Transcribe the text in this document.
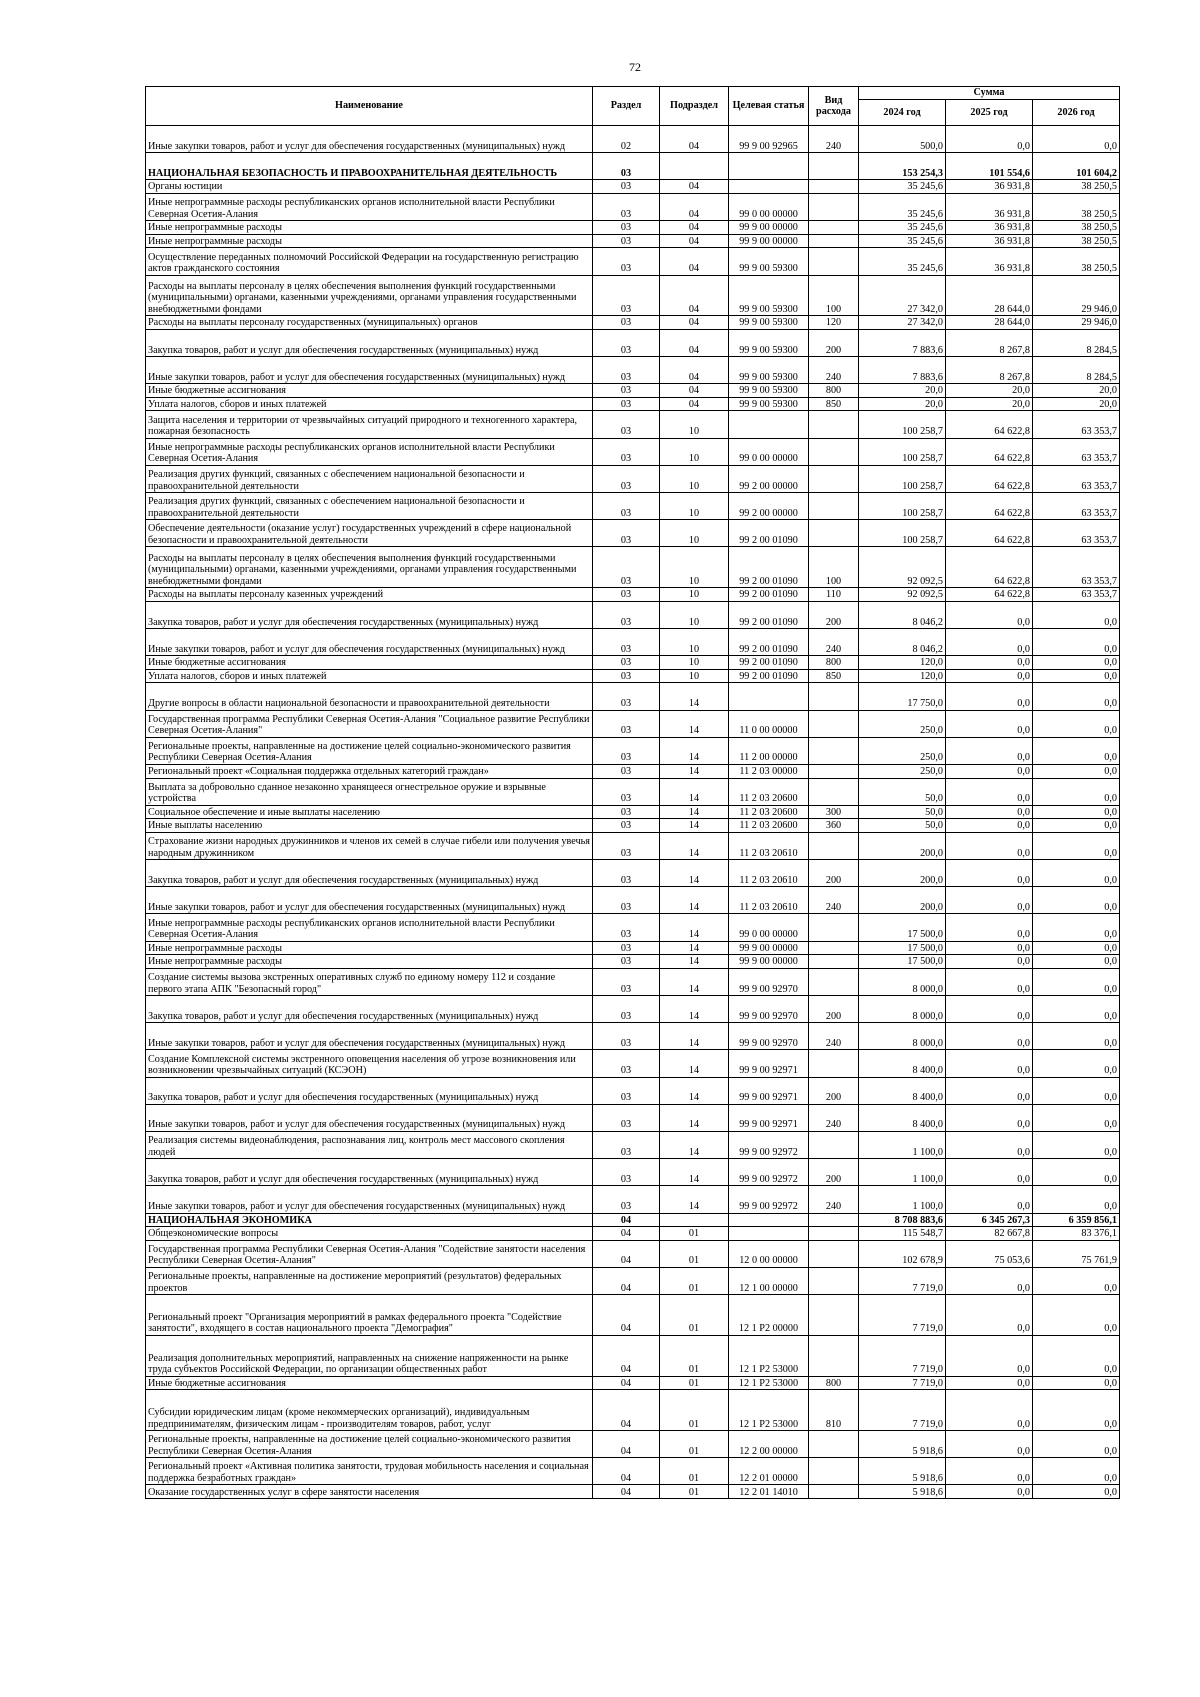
72
Наименование	Раздел	Подраздел	Целевая статья	Вид расхода	Сумма		
					2024 год	2025 год	2026 год
Иные закупки товаров, работ и услуг для обеспечения государственных (муниципальных) нужд	02	04	99 9 00 92965	240	500,0	0,0	0,0
НАЦИОНАЛЬНАЯ БЕЗОПАСНОСТЬ И ПРАВООХРАНИТЕЛЬНАЯ ДЕЯТЕЛЬНОСТЬ	03				153 254,3	101 554,6	101 604,2
Органы юстиции	03	04			35 245,6	36 931,8	38 250,5
Иные непрограммные расходы республиканских органов исполнительной власти Республики Северная Осетия-Алания	03	04	99 0 00 00000		35 245,6	36 931,8	38 250,5
Иные непрограммные расходы	03	04	99 9 00 00000		35 245,6	36 931,8	38 250,5
Иные непрограммные расходы	03	04	99 9 00 00000		35 245,6	36 931,8	38 250,5
Осуществление переданных полномочий Российской Федерации на государственную регистрацию актов гражданского состояния	03	04	99 9 00 59300		35 245,6	36 931,8	38 250,5
Расходы на выплаты персоналу в целях обеспечения выполнения функций государственными (муниципальными) органами, казенными учреждениями, органами управления государственными внебюджетными фондами	03	04	99 9 00 59300	100	27 342,0	28 644,0	29 946,0
Расходы на выплаты персоналу государственных (муниципальных) органов	03	04	99 9 00 59300	120	27 342,0	28 644,0	29 946,0
Закупка товаров, работ и услуг для обеспечения государственных (муниципальных) нужд	03	04	99 9 00 59300	200	7 883,6	8 267,8	8 284,5
Иные закупки товаров, работ и услуг для обеспечения государственных (муниципальных) нужд	03	04	99 9 00 59300	240	7 883,6	8 267,8	8 284,5
Иные бюджетные ассигнования	03	04	99 9 00 59300	800	20,0	20,0	20,0
Уплата налогов, сборов и иных платежей	03	04	99 9 00 59300	850	20,0	20,0	20,0
Защита населения и территории от чрезвычайных ситуаций природного и техногенного характера, пожарная безопасность	03	10			100 258,7	64 622,8	63 353,7
Иные непрограммные расходы республиканских органов исполнительной власти Республики Северная Осетия-Алания	03	10	99 0 00 00000		100 258,7	64 622,8	63 353,7
Реализация других функций, связанных с обеспечением национальной безопасности и правоохранительной деятельности	03	10	99 2 00 00000		100 258,7	64 622,8	63 353,7
Реализация других функций, связанных с обеспечением национальной безопасности и правоохранительной деятельности	03	10	99 2 00 00000		100 258,7	64 622,8	63 353,7
Обеспечение деятельности (оказание услуг) государственных учреждений в сфере национальной безопасности и правоохранительной деятельности	03	10	99 2 00 01090		100 258,7	64 622,8	63 353,7
Расходы на выплаты персоналу в целях обеспечения выполнения функций государственными (муниципальными) органами, казенными учреждениями, органами управления государственными внебюджетными фондами	03	10	99 2 00 01090	100	92 092,5	64 622,8	63 353,7
Расходы на выплаты персоналу казенных учреждений	03	10	99 2 00 01090	110	92 092,5	64 622,8	63 353,7
Закупка товаров, работ и услуг для обеспечения государственных (муниципальных) нужд	03	10	99 2 00 01090	200	8 046,2	0,0	0,0
Иные закупки товаров, работ и услуг для обеспечения государственных (муниципальных) нужд	03	10	99 2 00 01090	240	8 046,2	0,0	0,0
Иные бюджетные ассигнования	03	10	99 2 00 01090	800	120,0	0,0	0,0
Уплата налогов, сборов и иных платежей	03	10	99 2 00 01090	850	120,0	0,0	0,0
Другие вопросы в области национальной безопасности и правоохранительной деятельности	03	14			17 750,0	0,0	0,0
Государственная программа Республики Северная Осетия-Алания "Социальное развитие Республики Северная Осетия-Алания"	03	14	11 0 00 00000		250,0	0,0	0,0
Региональные проекты, направленные на достижение целей социально-экономического развития Республики Северная Осетия-Алания	03	14	11 2 00 00000		250,0	0,0	0,0
Региональный проект «Социальная поддержка отдельных категорий граждан»	03	14	11 2 03 00000		250,0	0,0	0,0
Выплата за добровольно сданное незаконно хранящееся огнестрельное оружие и взрывные устройства	03	14	11 2 03 20600		50,0	0,0	0,0
Социальное обеспечение и иные выплаты населению	03	14	11 2 03 20600	300	50,0	0,0	0,0
Иные выплаты населению	03	14	11 2 03 20600	360	50,0	0,0	0,0
Страхование жизни народных дружинников и членов их семей в случае гибели или получения увечья народным дружинником	03	14	11 2 03 20610		200,0	0,0	0,0
Закупка товаров, работ и услуг для обеспечения государственных (муниципальных) нужд	03	14	11 2 03 20610	200	200,0	0,0	0,0
Иные закупки товаров, работ и услуг для обеспечения государственных (муниципальных) нужд	03	14	11 2 03 20610	240	200,0	0,0	0,0
Иные непрограммные расходы республиканских органов исполнительной власти Республики Северная Осетия-Алания	03	14	99 0 00 00000		17 500,0	0,0	0,0
Иные непрограммные расходы	03	14	99 9 00 00000		17 500,0	0,0	0,0
Иные непрограммные расходы	03	14	99 9 00 00000		17 500,0	0,0	0,0
Создание системы вызова экстренных оперативных служб по единому номеру 112 и создание первого этапа АПК "Безопасный город"	03	14	99 9 00 92970		8 000,0	0,0	0,0
Закупка товаров, работ и услуг для обеспечения государственных (муниципальных) нужд	03	14	99 9 00 92970	200	8 000,0	0,0	0,0
Иные закупки товаров, работ и услуг для обеспечения государственных (муниципальных) нужд	03	14	99 9 00 92970	240	8 000,0	0,0	0,0
Создание Комплексной системы экстренного оповещения населения об угрозе возникновения или возникновении чрезвычайных ситуаций (КСЭОН)	03	14	99 9 00 92971		8 400,0	0,0	0,0
Закупка товаров, работ и услуг для обеспечения государственных (муниципальных) нужд	03	14	99 9 00 92971	200	8 400,0	0,0	0,0
Иные закупки товаров, работ и услуг для обеспечения государственных (муниципальных) нужд	03	14	99 9 00 92971	240	8 400,0	0,0	0,0
Реализация системы видеонаблюдения, распознавания лиц, контроль мест массового скопления людей	03	14	99 9 00 92972		1 100,0	0,0	0,0
Закупка товаров, работ и услуг для обеспечения государственных (муниципальных) нужд	03	14	99 9 00 92972	200	1 100,0	0,0	0,0
Иные закупки товаров, работ и услуг для обеспечения государственных (муниципальных) нужд	03	14	99 9 00 92972	240	1 100,0	0,0	0,0
НАЦИОНАЛЬНАЯ ЭКОНОМИКА	04				8 708 883,6	6 345 267,3	6 359 856,1
Общеэкономические вопросы	04	01			115 548,7	82 667,8	83 376,1
Государственная программа Республики Северная Осетия-Алания "Содействие занятости населения Республики Северная Осетия-Алания"	04	01	12 0 00 00000		102 678,9	75 053,6	75 761,9
Региональные проекты, направленные на достижение мероприятий (результатов) федеральных проектов	04	01	12 1 00 00000		7 719,0	0,0	0,0
Региональный проект "Организация мероприятий в рамках федерального проекта "Содействие занятости", входящего в состав национального проекта "Демография"	04	01	12 1 P2 00000		7 719,0	0,0	0,0
Реализация дополнительных мероприятий, направленных на снижение напряженности на рынке труда субъектов Российской Федерации, по организации общественных работ	04	01	12 1 P2 53000		7 719,0	0,0	0,0
Иные бюджетные ассигнования	04	01	12 1 P2 53000	800	7 719,0	0,0	0,0
Субсидии юридическим лицам (кроме некоммерческих организаций), индивидуальным предпринимателям, физическим лицам - производителям товаров, работ, услуг	04	01	12 1 P2 53000	810	7 719,0	0,0	0,0
Региональные проекты, направленные на достижение целей социально-экономического развития Республики Северная Осетия-Алания	04	01	12 2 00 00000		5 918,6	0,0	0,0
Региональный проект «Активная политика занятости, трудовая мобильность населения и социальная поддержка безработных граждан»	04	01	12 2 01 00000		5 918,6	0,0	0,0
Оказание государственных услуг в сфере занятости населения	04	01	12 2 01 14010		5 918,6	0,0	0,0
